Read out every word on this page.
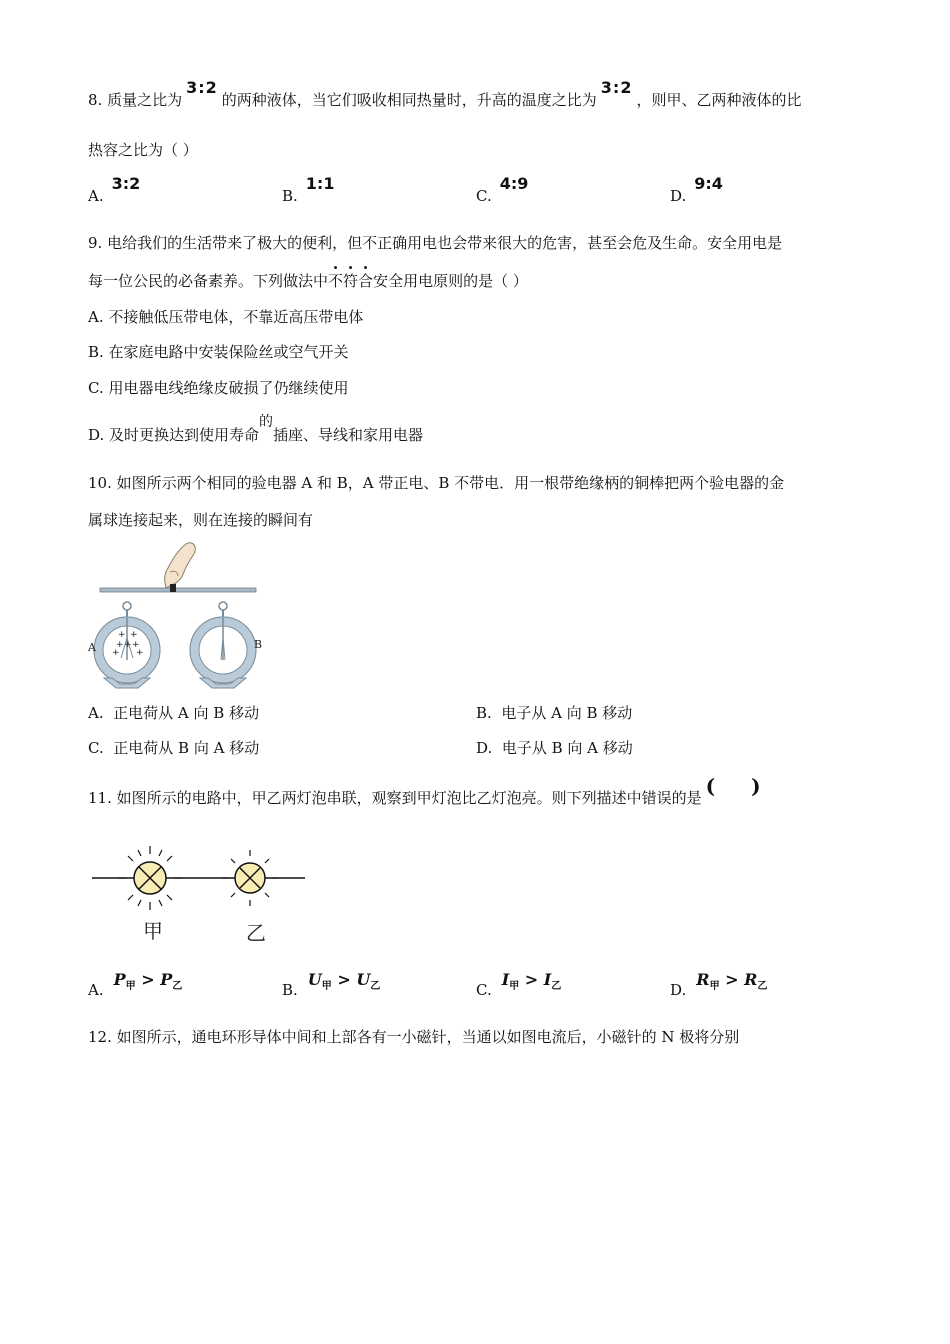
8. 质量之比为3:2的两种液体，当它们吸收相同热量时，升高的温度之比为3:2，则甲、乙两种液体的比
热容之比为（ ）
A.3:2
B.1:1
C.4:9
D.9:4
9. 电给我们的生活带来了极大的便利，但不正确用电也会带来很大的危害，甚至会危及生命。安全用电是
每一位公民的必备素养。下列做法中不符合安全用电原则的是（ ）
A. 不接触低压带电体，不靠近高压带电体
B. 在家庭电路中安装保险丝或空气开关
C. 用电器电线绝缘皮破损了仍继续使用
D. 及时更换达到使用寿命的插座、导线和家用电器
10. 如图所示两个相同的验电器 A 和 B，A 带正电、B 不带电．用一根带绝缘柄的铜棒把两个验电器的金
属球连接起来，则在连接的瞬间有
+ +
+ + +
+ +
A	B
A. 正电荷从 A 向 B 移动	B. 电子从 A 向 B 移动
C. 正电荷从 B 向 A 移动	D. 电子从 B 向 A 移动
11. 如图所示的电路中，甲乙两灯泡串联，观察到甲灯泡比乙灯泡亮。则下列描述中错误的是 ( )
甲	乙
$A.P_甲 > P_乙$	$B.U_甲 > U_乙$	$C.I_甲 > I_乙$	$D.R_甲 > R_乙$
12. 如图所示，通电环形导体中间和上部各有一小磁针，当通以如图电流后，小磁针的 N 极将分别
